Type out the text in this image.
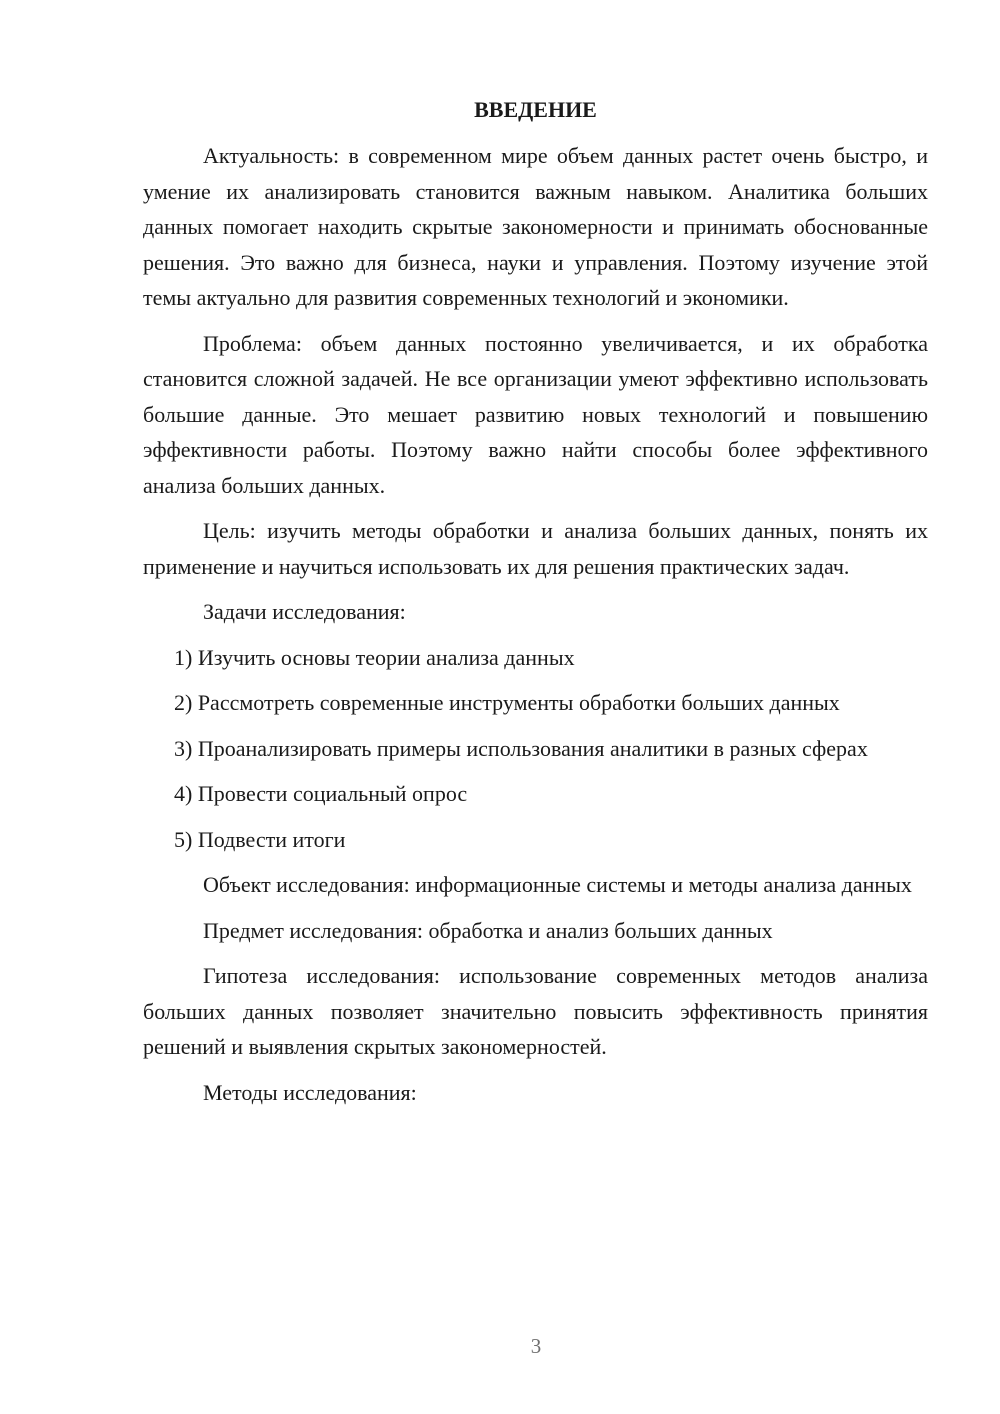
ВВЕДЕНИЕ

Актуальность: в современном мире объем данных растет очень быстро, и умение их анализировать становится важным навыком. Аналитика больших данных помогает находить скрытые закономерности и принимать обоснованные решения. Это важно для бизнеса, науки и управления. Поэтому изучение этой темы актуально для развития современных технологий и экономики.

Проблема: объем данных постоянно увеличивается, и их обработка становится сложной задачей. Не все организации умеют эффективно использовать большие данные. Это мешает развитию новых технологий и повышению эффективности работы. Поэтому важно найти способы более эффективного анализа больших данных.

Цель: изучить методы обработки и анализа больших данных, понять их применение и научиться использовать их для решения практических задач.

Задачи исследования:

1) Изучить основы теории анализа данных

2) Рассмотреть современные инструменты обработки больших данных

3) Проанализировать примеры использования аналитики в разных сферах

4) Провести социальный опрос

5) Подвести итоги

Объект исследования: информационные системы и методы анализа данных

Предмет исследования: обработка и анализ больших данных

Гипотеза исследования: использование современных методов анализа больших данных позволяет значительно повысить эффективность принятия решений и выявления скрытых закономерностей.

Методы исследования:

3
